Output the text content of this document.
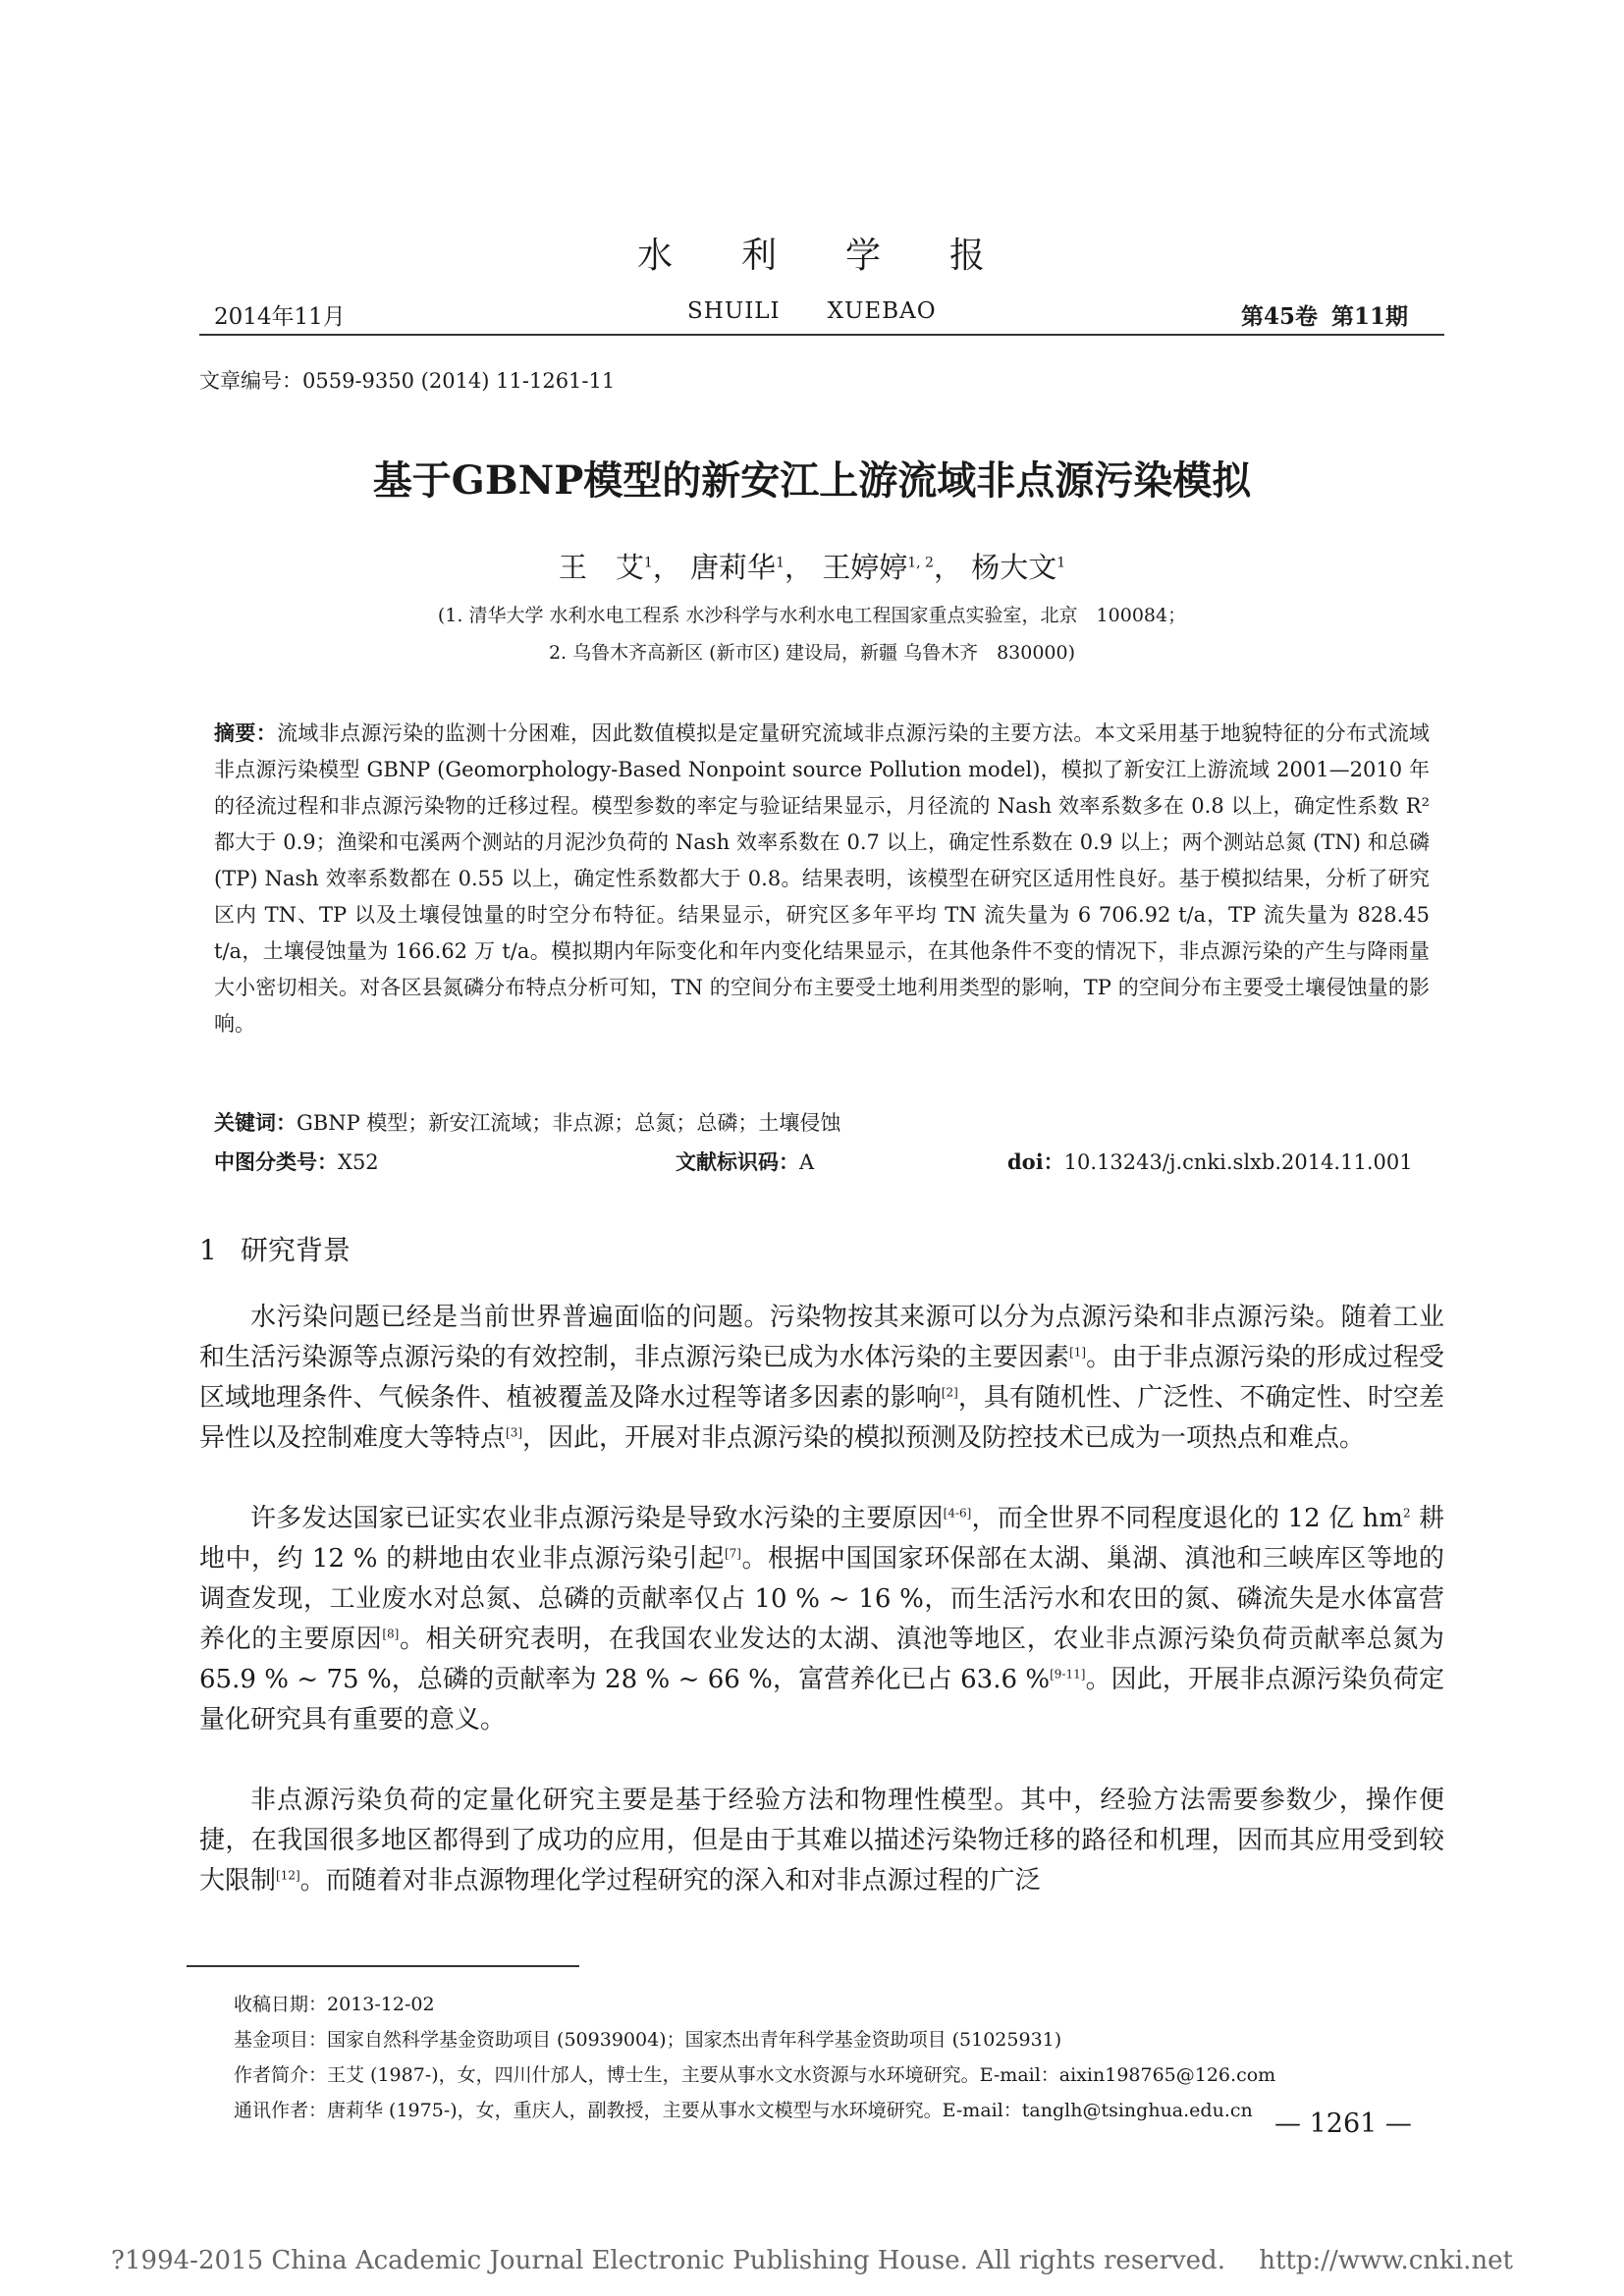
水 利 学 报
2014年11月	SHUILI XUEBAO	第45卷 第11期
文章编号：0559-9350 (2014) 11-1261-11
基于GBNP模型的新安江上游流域非点源污染模拟
王　艾$^1$， 唐莉华$^1$， 王婷婷$^{1, 2}$， 杨大文$^1$
(1. 清华大学 水利水电工程系 水沙科学与水利水电工程国家重点实验室，北京　100084；
2. 乌鲁木齐高新区 (新市区) 建设局，新疆 乌鲁木齐　830000)
摘要：流域非点源污染的监测十分困难，因此数值模拟是定量研究流域非点源污染的主要方法。本文采用基于地貌特征的分布式流域非点源污染模型 GBNP (Geomorphology-Based Nonpoint source Pollution model)，模拟了新安江上游流域 2001—2010 年的径流过程和非点源污染物的迁移过程。模型参数的率定与验证结果显示，月径流的 Nash 效率系数多在 0.8 以上，确定性系数 R² 都大于 0.9；渔梁和屯溪两个测站的月泥沙负荷的 Nash 效率系数在 0.7 以上，确定性系数在 0.9 以上；两个测站总氮 (TN) 和总磷 (TP) Nash 效率系数都在 0.55 以上，确定性系数都大于 0.8。结果表明，该模型在研究区适用性良好。基于模拟结果，分析了研究区内 TN、TP 以及土壤侵蚀量的时空分布特征。结果显示，研究区多年平均 TN 流失量为 6 706.92 t/a，TP 流失量为 828.45 t/a，土壤侵蚀量为 166.62 万 t/a。模拟期内年际变化和年内变化结果显示，在其他条件不变的情况下，非点源污染的产生与降雨量大小密切相关。对各区县氮磷分布特点分析可知，TN 的空间分布主要受土地利用类型的影响，TP 的空间分布主要受土壤侵蚀量的影响。
关键词：GBNP 模型；新安江流域；非点源；总氮；总磷；土壤侵蚀
中图分类号：X52	文献标识码：A	doi：10.13243/j.cnki.slxb.2014.11.001
1 研究背景

水污染问题已经是当前世界普遍面临的问题。污染物按其来源可以分为点源污染和非点源污染。随着工业和生活污染源等点源污染的有效控制，非点源污染已成为水体污染的主要因素[1]。由于非点源污染的形成过程受区域地理条件、气候条件、植被覆盖及降水过程等诸多因素的影响[2]，具有随机性、广泛性、不确定性、时空差异性以及控制难度大等特点[3]，因此，开展对非点源污染的模拟预测及防控技术已成为一项热点和难点。

许多发达国家已证实农业非点源污染是导致水污染的主要原因[4-6]，而全世界不同程度退化的 12 亿 $hm^2$ 耕地中，约 12 % 的耕地由农业非点源污染引起[7]。根据中国国家环保部在太湖、巢湖、滇池和三峡库区等地的调查发现，工业废水对总氮、总磷的贡献率仅占 10 % ~ 16 %，而生活污水和农田的氮、磷流失是水体富营养化的主要原因[8]。相关研究表明，在我国农业发达的太湖、滇池等地区，农业非点源污染负荷贡献率总氮为 65.9 % ~ 75 %，总磷的贡献率为 28 % ~ 66 %，富营养化已占 63.6 %[9-11]。因此，开展非点源污染负荷定量化研究具有重要的意义。

非点源污染负荷的定量化研究主要是基于经验方法和物理性模型。其中，经验方法需要参数少，操作便捷，在我国很多地区都得到了成功的应用，但是由于其难以描述污染物迁移的路径和机理，因而其应用受到较大限制[12]。而随着对非点源物理化学过程研究的深入和对非点源过程的广泛

收稿日期：2013-12-02
基金项目：国家自然科学基金资助项目 (50939004)；国家杰出青年科学基金资助项目 (51025931)
作者简介：王艾 (1987-)，女，四川什邡人，博士生，主要从事水文水资源与水环境研究。E-mail：aixin198765@126.com
通讯作者：唐莉华 (1975-)，女，重庆人，副教授，主要从事水文模型与水环境研究。E-mail：tanglh@tsinghua.edu.cn — 1261 —
?1994-2015 China Academic Journal Electronic Publishing House. All rights reserved.　 http://www.cnki.net
